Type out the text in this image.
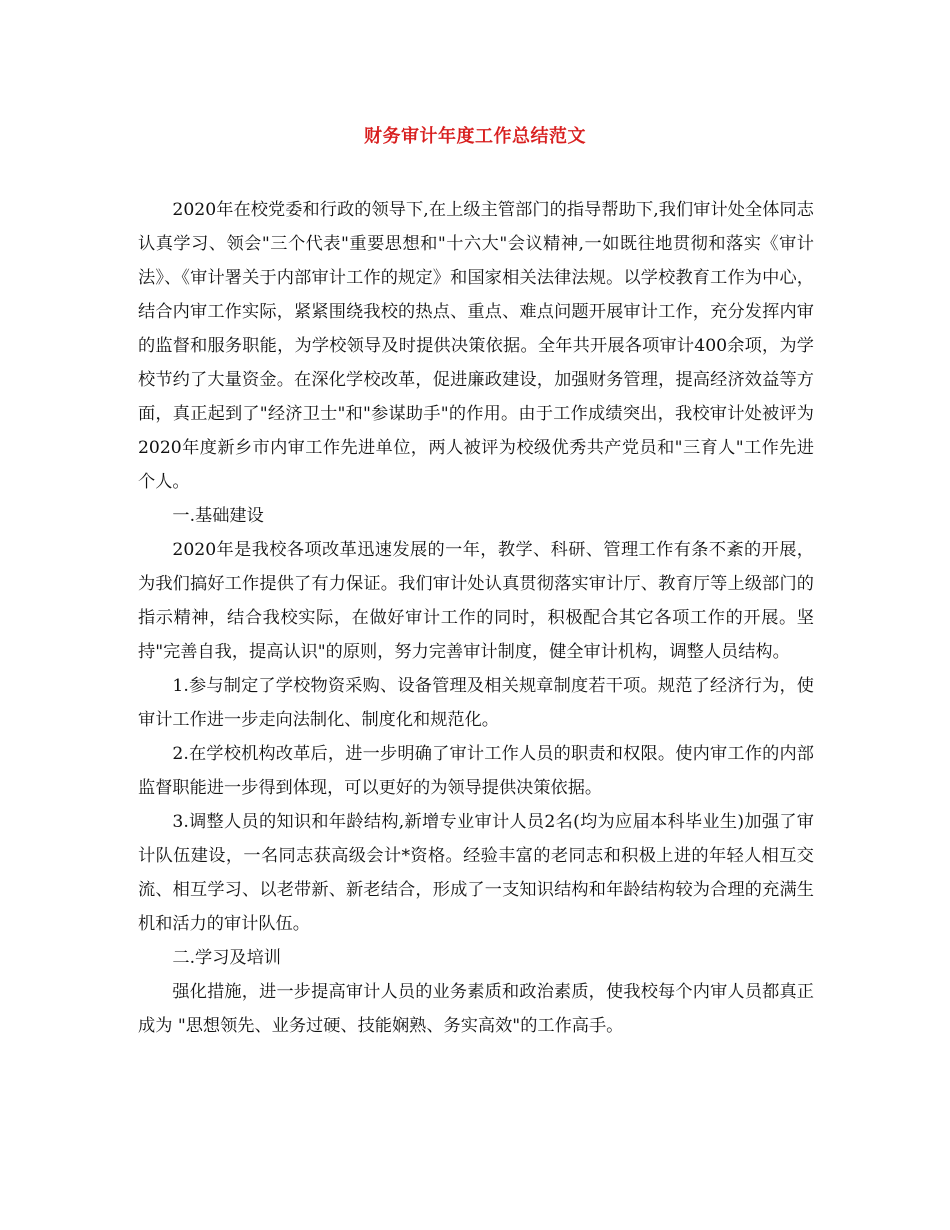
财务审计年度工作总结范文

2020年在校党委和行政的领导下,在上级主管部门的指导帮助下,我们审计处全体同志认真学习、领会"三个代表"重要思想和"十六大"会议精神,一如既往地贯彻和落实《审计法》、《审计署关于内部审计工作的规定》和国家相关法律法规。以学校教育工作为中心，结合内审工作实际，紧紧围绕我校的热点、重点、难点问题开展审计工作，充分发挥内审的监督和服务职能，为学校领导及时提供决策依据。全年共开展各项审计400余项，为学校节约了大量资金。在深化学校改革，促进廉政建设，加强财务管理，提高经济效益等方面，真正起到了"经济卫士"和"参谋助手"的作用。由于工作成绩突出，我校审计处被评为2020年度新乡市内审工作先进单位，两人被评为校级优秀共产党员和"三育人"工作先进个人。

一.基础建设

2020年是我校各项改革迅速发展的一年，教学、科研、管理工作有条不紊的开展，为我们搞好工作提供了有力保证。我们审计处认真贯彻落实审计厅、教育厅等上级部门的指示精神，结合我校实际，在做好审计工作的同时，积极配合其它各项工作的开展。坚持"完善自我，提高认识"的原则，努力完善审计制度，健全审计机构，调整人员结构。

1.参与制定了学校物资采购、设备管理及相关规章制度若干项。规范了经济行为，使审计工作进一步走向法制化、制度化和规范化。

2.在学校机构改革后，进一步明确了审计工作人员的职责和权限。使内审工作的内部监督职能进一步得到体现，可以更好的为领导提供决策依据。

3.调整人员的知识和年龄结构,新增专业审计人员2名(均为应届本科毕业生)加强了审计队伍建设，一名同志获高级会计*资格。经验丰富的老同志和积极上进的年轻人相互交流、相互学习、以老带新、新老结合，形成了一支知识结构和年龄结构较为合理的充满生机和活力的审计队伍。

二.学习及培训

强化措施，进一步提高审计人员的业务素质和政治素质，使我校每个内审人员都真正成为 "思想领先、业务过硬、技能娴熟、务实高效"的工作高手。
